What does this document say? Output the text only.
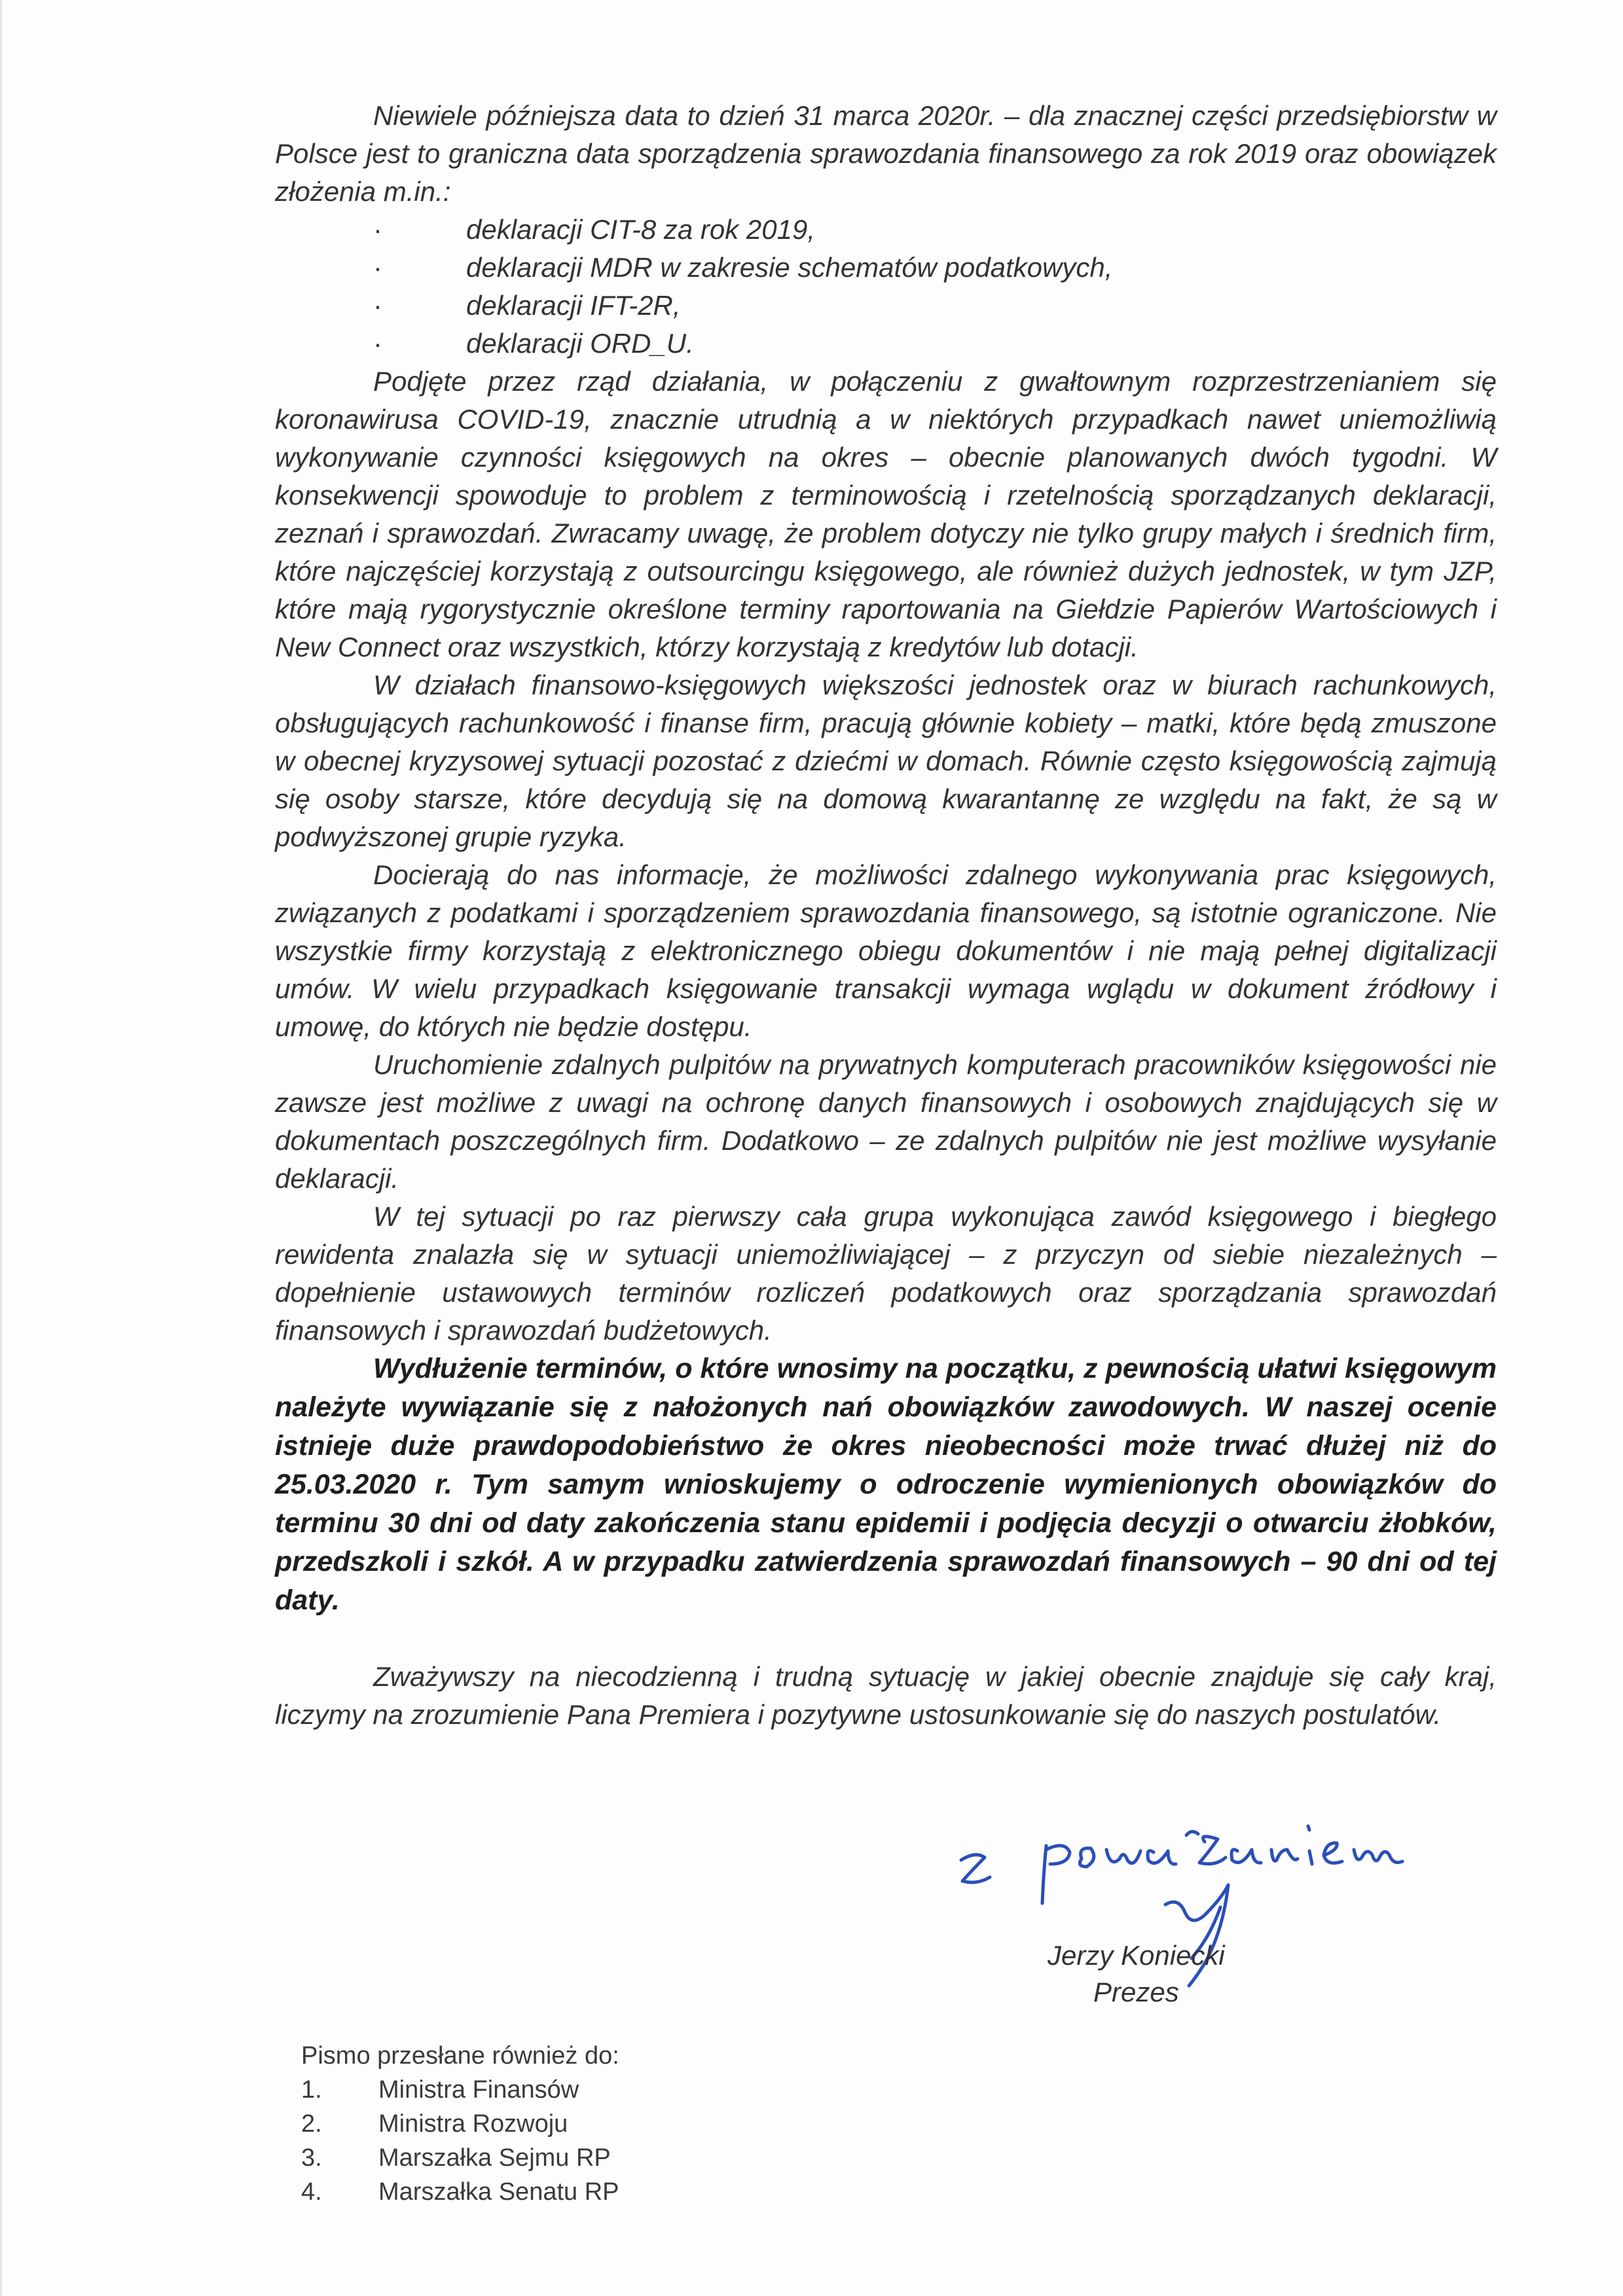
Niewiele późniejsza data to dzień 31 marca 2020r. – dla znacznej części przedsiębiorstw w Polsce jest to graniczna data sporządzenia sprawozdania finansowego za rok 2019 oraz obowiązek złożenia m.in.:

· deklaracji CIT-8 za rok 2019,
· deklaracji MDR w zakresie schematów podatkowych,
· deklaracji IFT-2R,
· deklaracji ORD_U.

Podjęte przez rząd działania, w połączeniu z gwałtownym rozprzestrzenianiem się koronawirusa COVID-19, znacznie utrudnią a w niektórych przypadkach nawet uniemożliwią wykonywanie czynności księgowych na okres – obecnie planowanych dwóch tygodni. W konsekwencji spowoduje to problem z terminowością i rzetelnością sporządzanych deklaracji, zeznań i sprawozdań. Zwracamy uwagę, że problem dotyczy nie tylko grupy małych i średnich firm, które najczęściej korzystają z outsourcingu księgowego, ale również dużych jednostek, w tym JZP, które mają rygorystycznie określone terminy raportowania na Giełdzie Papierów Wartościowych i New Connect oraz wszystkich, którzy korzystają z kredytów lub dotacji.

W działach finansowo-księgowych większości jednostek oraz w biurach rachunkowych, obsługujących rachunkowość i finanse firm, pracują głównie kobiety – matki, które będą zmuszone w obecnej kryzysowej sytuacji pozostać z dziećmi w domach. Równie często księgowością zajmują się osoby starsze, które decydują się na domową kwarantannę ze względu na fakt, że są w podwyższonej grupie ryzyka.

Docierają do nas informacje, że możliwości zdalnego wykonywania prac księgowych, związanych z podatkami i sporządzeniem sprawozdania finansowego, są istotnie ograniczone. Nie wszystkie firmy korzystają z elektronicznego obiegu dokumentów i nie mają pełnej digitalizacji umów. W wielu przypadkach księgowanie transakcji wymaga wglądu w dokument źródłowy i umowę, do których nie będzie dostępu.

Uruchomienie zdalnych pulpitów na prywatnych komputerach pracowników księgowości nie zawsze jest możliwe z uwagi na ochronę danych finansowych i osobowych znajdujących się w dokumentach poszczególnych firm. Dodatkowo – ze zdalnych pulpitów nie jest możliwe wysyłanie deklaracji.

W tej sytuacji po raz pierwszy cała grupa wykonująca zawód księgowego i biegłego rewidenta znalazła się w sytuacji uniemożliwiającej – z przyczyn od siebie niezależnych – dopełnienie ustawowych terminów rozliczeń podatkowych oraz sporządzania sprawozdań finansowych i sprawozdań budżetowych.

Wydłużenie terminów, o które wnosimy na początku, z pewnością ułatwi księgowym należyte wywiązanie się z nałożonych nań obowiązków zawodowych. W naszej ocenie istnieje duże prawdopodobieństwo że okres nieobecności może trwać dłużej niż do 25.03.2020 r. Tym samym wnioskujemy o odroczenie wymienionych obowiązków do terminu 30 dni od daty zakończenia stanu epidemii i podjęcia decyzji o otwarciu żłobków, przedszkoli i szkół. A w przypadku zatwierdzenia sprawozdań finansowych – 90 dni od tej daty.

Zważywszy na niecodzienną i trudną sytuację w jakiej obecnie znajduje się cały kraj, liczymy na zrozumienie Pana Premiera i pozytywne ustosunkowanie się do naszych postulatów.

Jerzy Koniecki
Prezes

Pismo przesłane również do:

1. Ministra Finansów
2. Ministra Rozwoju
3. Marszałka Sejmu RP
4. Marszałka Senatu RP
